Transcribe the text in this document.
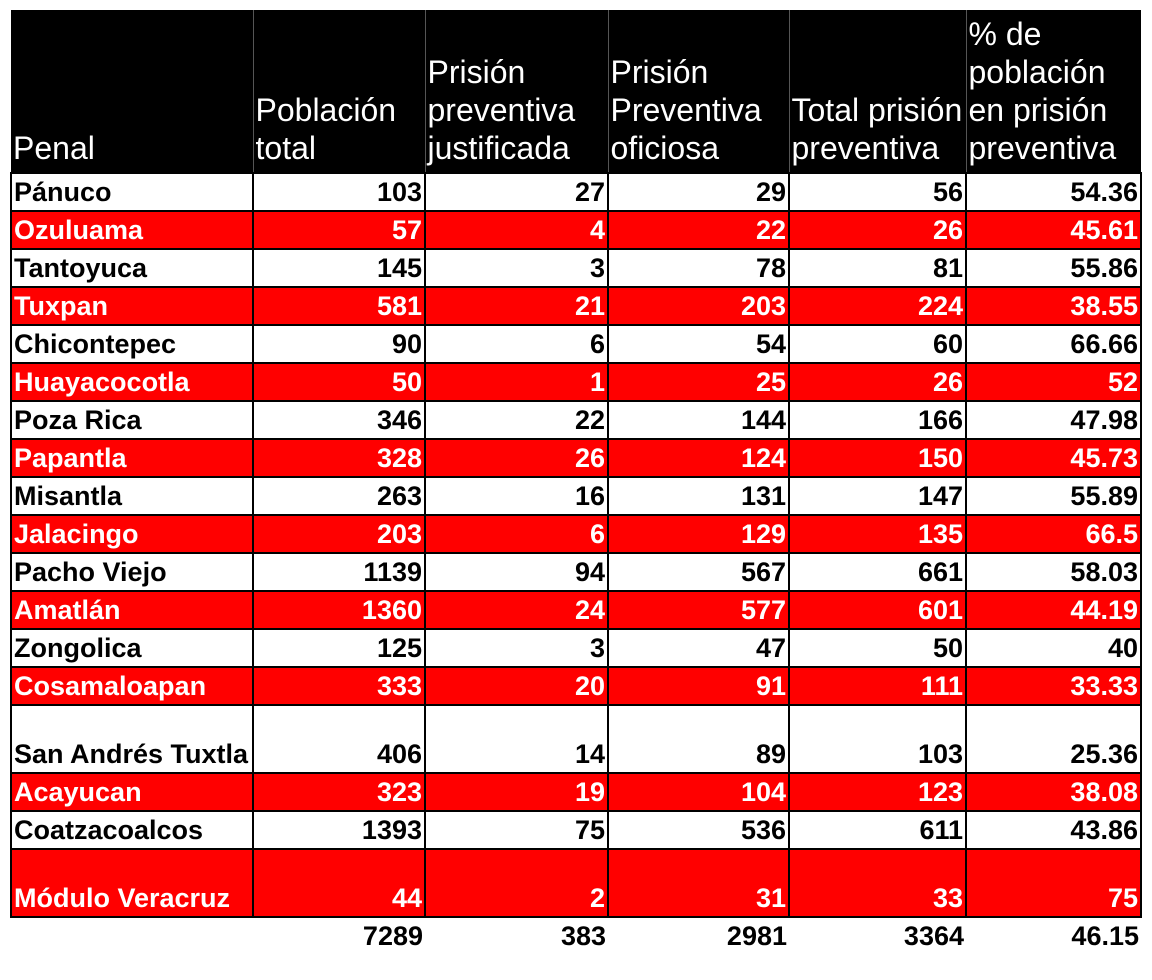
Penal	Población total	Prisión preventiva justificada	Prisión Preventiva oficiosa	Total prisión preventiva	% de población en prisión preventiva
Pánuco	103	27	29	56	54.36
Ozuluama	57	4	22	26	45.61
Tantoyuca	145	3	78	81	55.86
Tuxpan	581	21	203	224	38.55
Chicontepec	90	6	54	60	66.66
Huayacocotla	50	1	25	26	52
Poza Rica	346	22	144	166	47.98
Papantla	328	26	124	150	45.73
Misantla	263	16	131	147	55.89
Jalacingo	203	6	129	135	66.5
Pacho Viejo	1139	94	567	661	58.03
Amatlán	1360	24	577	601	44.19
Zongolica	125	3	47	50	40
Cosamaloapan	333	20	91	111	33.33
San Andrés Tuxtla	406	14	89	103	25.36
Acayucan	323	19	104	123	38.08
Coatzacoalcos	1393	75	536	611	43.86
Módulo Veracruz	44	2	31	33	75
	7289	383	2981	3364	46.15
